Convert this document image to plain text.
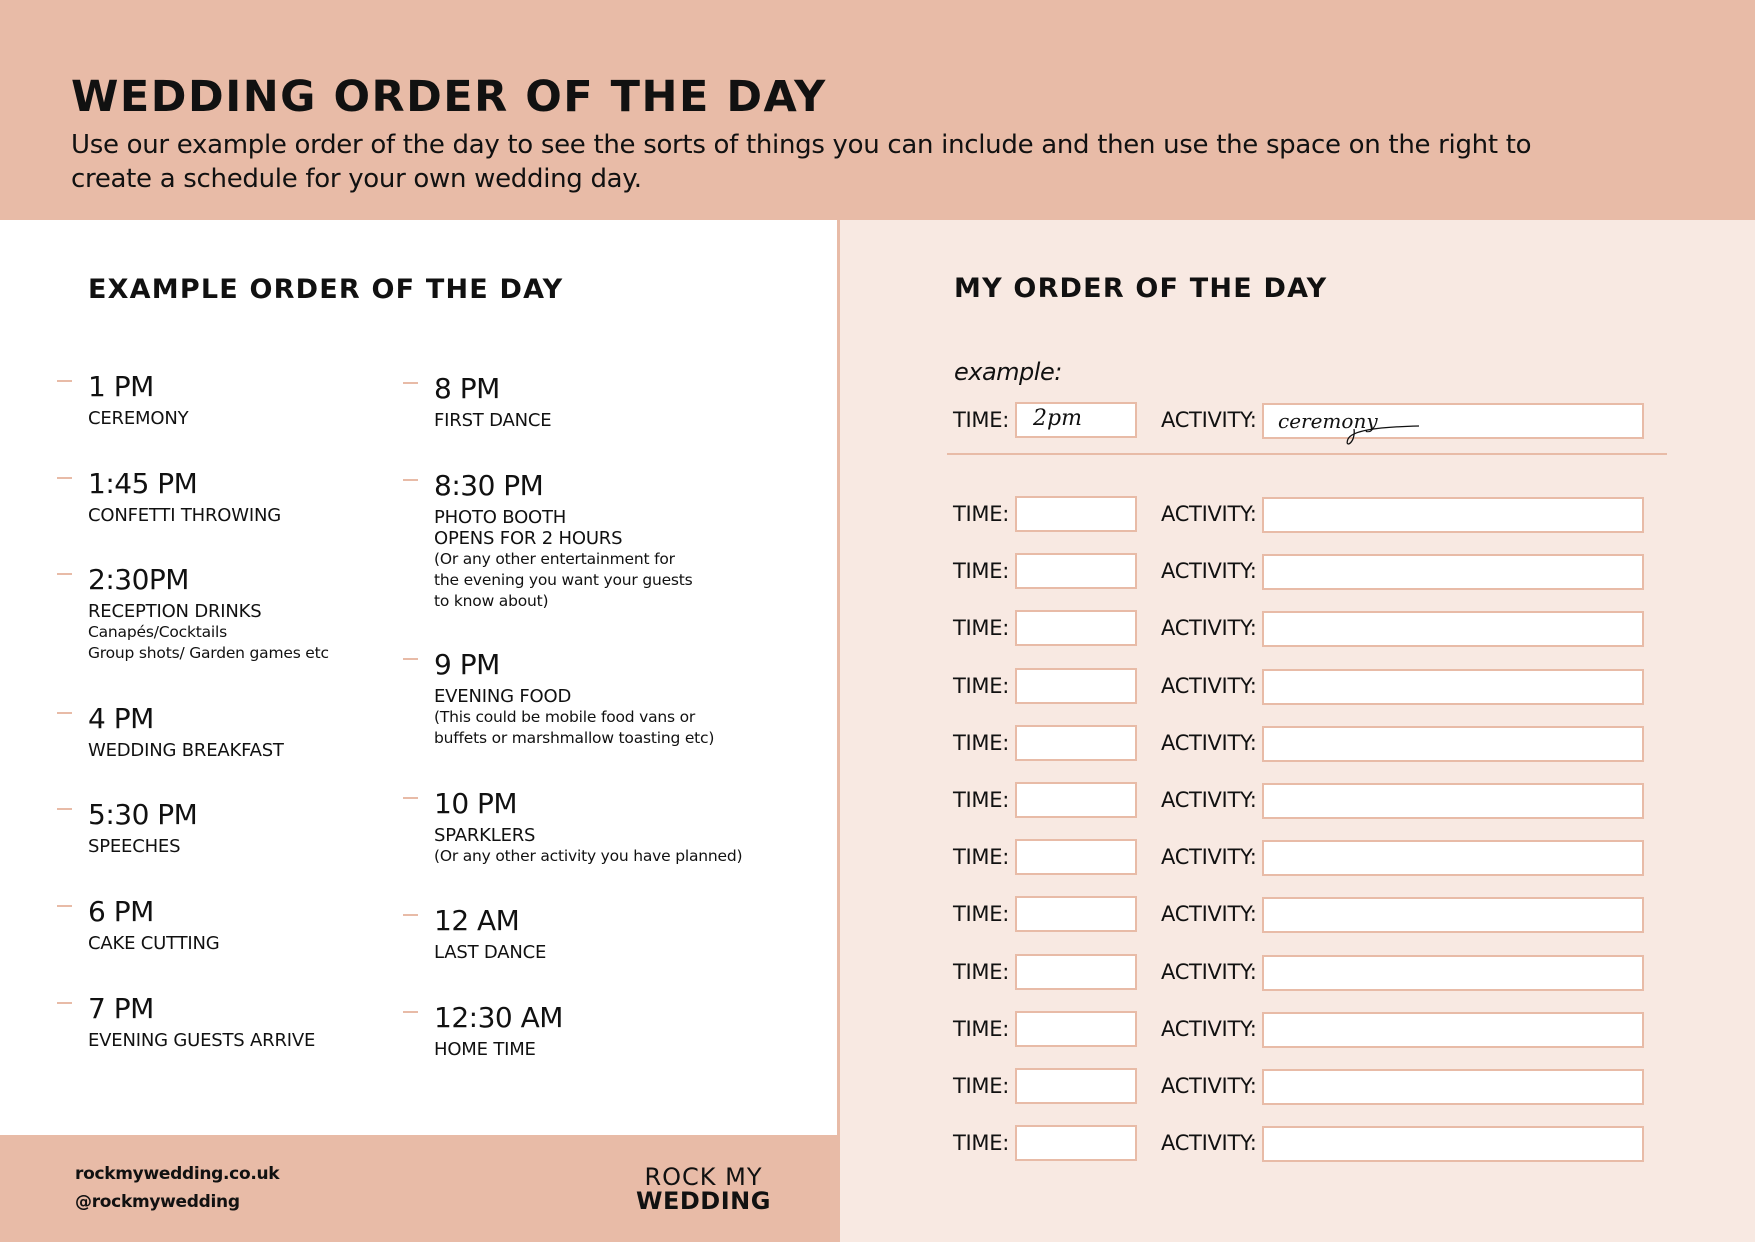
WEDDING ORDER OF THE DAY

Use our example order of the day to see the sorts of things you can include and then use the space on the right to create a schedule for your own wedding day.

EXAMPLE ORDER OF THE DAY	MY ORDER OF THE DAY
1 PM
CEREMONY
1:45 PM
CONFETTI THROWING
2:30PM
RECEPTION DRINKS
Canapés/Cocktails
Group shots/ Garden games etc
4 PM
WEDDING BREAKFAST
5:30 PM
SPEECHES
6 PM
CAKE CUTTING
7 PM
EVENING GUESTS ARRIVE
8 PM
FIRST DANCE
8:30 PM
PHOTO BOOTH
OPENS FOR 2 HOURS
(Or any other entertainment for
the evening you want your guests
to know about)
9 PM
EVENING FOOD
(This could be mobile food vans or
buffets or marshmallow toasting etc)
10 PM
SPARKLERS
(Or any other activity you have planned)
12 AM
LAST DANCE
12:30 AM
HOME TIME
example:
TIME: 2pm	ACTIVITY: ceremony
TIME:	ACTIVITY:
TIME:	ACTIVITY:
TIME:	ACTIVITY:
TIME:	ACTIVITY:
TIME:	ACTIVITY:
TIME:	ACTIVITY:
TIME:	ACTIVITY:
TIME:	ACTIVITY:
TIME:	ACTIVITY:
TIME:	ACTIVITY:
TIME:	ACTIVITY:
TIME:	ACTIVITY:
rockmywedding.co.uk
@rockmywedding
ROCK MY
WEDDING
